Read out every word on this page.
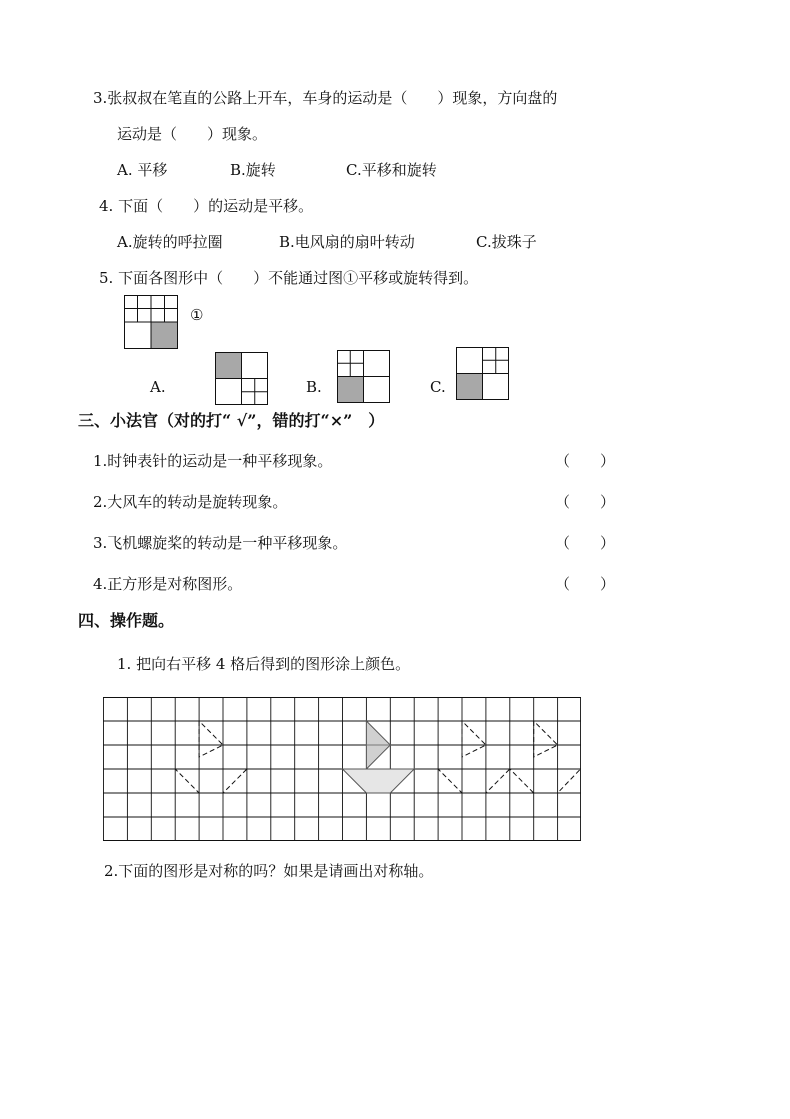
3.张叔叔在笔直的公路上开车，车身的运动是（　　）现象，方向盘的
运动是（　　）现象。
A. 平移	B.旋转	C.平移和旋转
4. 下面（　　）的运动是平移。
A.旋转的呼拉圈	B.电风扇的扇叶转动	C.拔珠子
5. 下面各图形中（　　）不能通过图①平移或旋转得到。
①
A.	B.	C.
三、小法官（对的打“ √”，错的打“×”　）
1.时钟表针的运动是一种平移现象。	（　　）
2.大风车的转动是旋转现象。	（　　）
3.飞机螺旋桨的转动是一种平移现象。	（　　）
4.正方形是对称图形。	（　　）
四、操作题。
1. 把向右平移 4 格后得到的图形涂上颜色。
2.下面的图形是对称的吗？如果是请画出对称轴。
